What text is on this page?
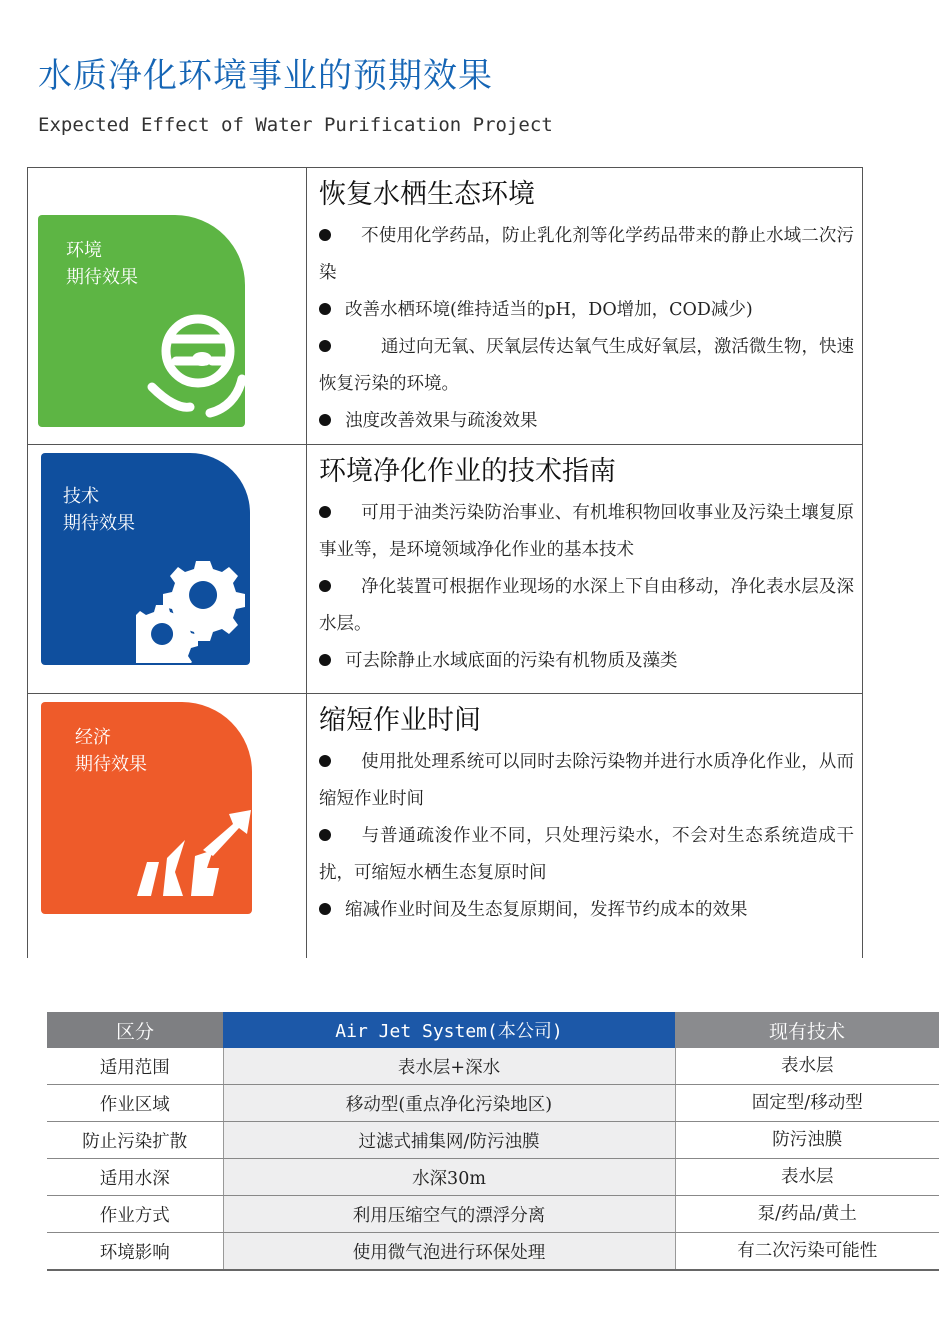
水质净化环境事业的预期效果
Expected Effect of Water Purification Project
恢复水栖生态环境
不使用化学药品，防止乳化剂等化学药品带来的静止水域二次污染
改善水栖环境(维持适当的pH，DO增加，COD减少)
通过向无氧、厌氧层传达氧气生成好氧层，激活微生物，快速恢复污染的环境。
浊度改善效果与疏浚效果
环境净化作业的技术指南
可用于油类污染防治事业、有机堆积物回收事业及污染土壤复原事业等，是环境领域净化作业的基本技术
净化装置可根据作业现场的水深上下自由移动，净化表水层及深水层。
可去除静止水域底面的污染有机物质及藻类
缩短作业时间
使用批处理系统可以同时去除污染物并进行水质净化作业，从而缩短作业时间
与普通疏浚作业不同，只处理污染水，不会对生态系统造成干扰，可缩短水栖生态复原时间
缩减作业时间及生态复原期间，发挥节约成本的效果
环境
期待效果
技术
期待效果
经济
期待效果
区分	Air Jet System(本公司)	现有技术
适用范围	表水层+深水	表水层
作业区域	移动型(重点净化污染地区)	固定型/移动型
防止污染扩散	过滤式捕集网/防污浊膜	防污浊膜
适用水深	水深30m	表水层
作业方式	利用压缩空气的漂浮分离	泵/药品/黄土
环境影响	使用微气泡进行环保处理	有二次污染可能性
